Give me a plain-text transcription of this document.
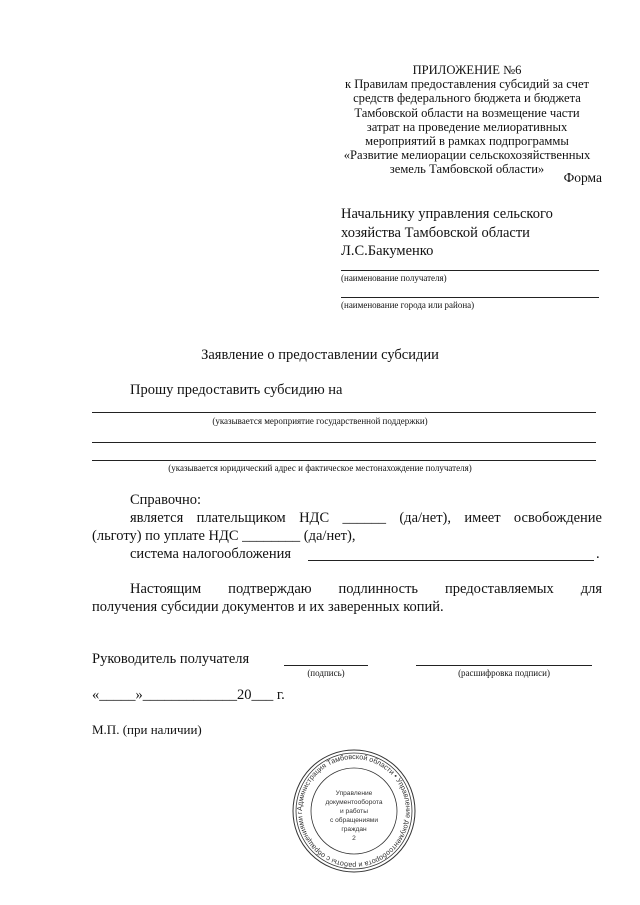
ПРИЛОЖЕНИЕ №6
к Правилам предоставления субсидий за счет
средств федерального бюджета и бюджета
Тамбовской области на возмещение части
затрат на проведение мелиоративных
мероприятий в рамках подпрограммы
«Развитие мелиорации сельскохозяйственных
земель Тамбовской области»
Форма
Начальнику управления сельского
хозяйства Тамбовской области
Л.С.Бакуменко
(наименование получателя)
(наименование города или района)
Заявление о предоставлении субсидии
Прошу предоставить субсидию на
(указывается мероприятие государственной поддержки)
(указывается юридический адрес и фактическое местонахождение получателя)
Справочно:
является плательщиком НДС ______ (да/нет), имеет освобождение
(льготу) по уплате НДС ________ (да/нет),
система налогообложения	.
Настоящим подтверждаю подлинность предоставляемых для
получения субсидии документов и их заверенных копий.
Руководитель получателя
(подпись)	(расшифровка подписи)
«_____»_____________20___ г.
М.П. (при наличии)
Администрация Тамбовской области • Управление документооборота и работы с обращениями г
Управление
документооборота
и работы
с обращениями
граждан
2
